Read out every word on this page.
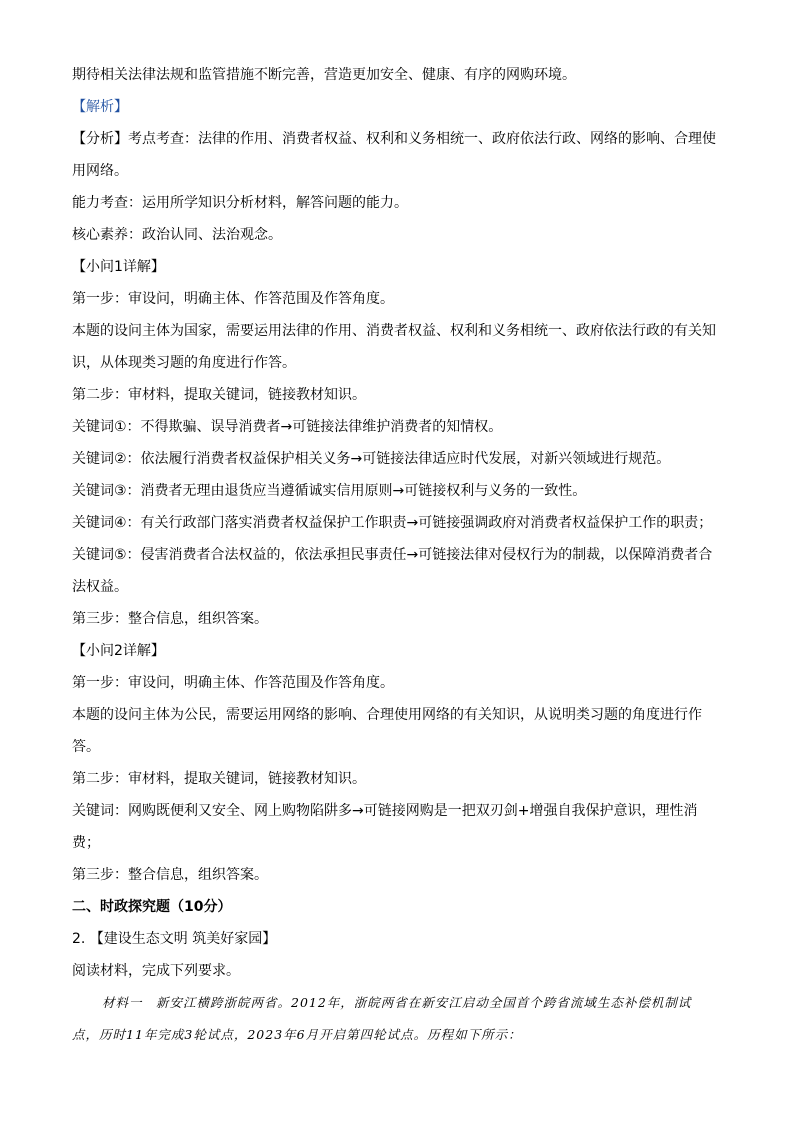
期待相关法律法规和监管措施不断完善，营造更加安全、健康、有序的网购环境。
【解析】
【分析】考点考查：法律的作用、消费者权益、权利和义务相统一、政府依法行政、网络的影响、合理使
用网络。
能力考查：运用所学知识分析材料，解答问题的能力。
核心素养：政治认同、法治观念。
【小问1详解】
第一步：审设问，明确主体、作答范围及作答角度。
本题的设问主体为国家，需要运用法律的作用、消费者权益、权利和义务相统一、政府依法行政的有关知
识，从体现类习题的角度进行作答。
第二步：审材料，提取关键词，链接教材知识。
关键词①：不得欺骗、误导消费者→可链接法律维护消费者的知情权。
关键词②：依法履行消费者权益保护相关义务→可链接法律适应时代发展，对新兴领域进行规范。
关键词③：消费者无理由退货应当遵循诚实信用原则→可链接权利与义务的一致性。
关键词④：有关行政部门落实消费者权益保护工作职责→可链接强调政府对消费者权益保护工作的职责；
关键词⑤：侵害消费者合法权益的，依法承担民事责任→可链接法律对侵权行为的制裁，以保障消费者合
法权益。
第三步：整合信息，组织答案。
【小问2详解】
第一步：审设问，明确主体、作答范围及作答角度。
本题的设问主体为公民，需要运用网络的影响、合理使用网络的有关知识，从说明类习题的角度进行作
答。
第二步：审材料，提取关键词，链接教材知识。
关键词：网购既便利又安全、网上购物陷阱多→可链接网购是一把双刃剑+增强自我保护意识，理性消
费；
第三步：整合信息，组织答案。
二、时政探究题（10分）
2. 【建设生态文明 筑美好家园】
阅读材料，完成下列要求。
材料一　新安江横跨浙皖两省。2012年，浙皖两省在新安江启动全国首个跨省流域生态补偿机制试
点，历时11年完成3轮试点，2023年6月开启第四轮试点。历程如下所示：
